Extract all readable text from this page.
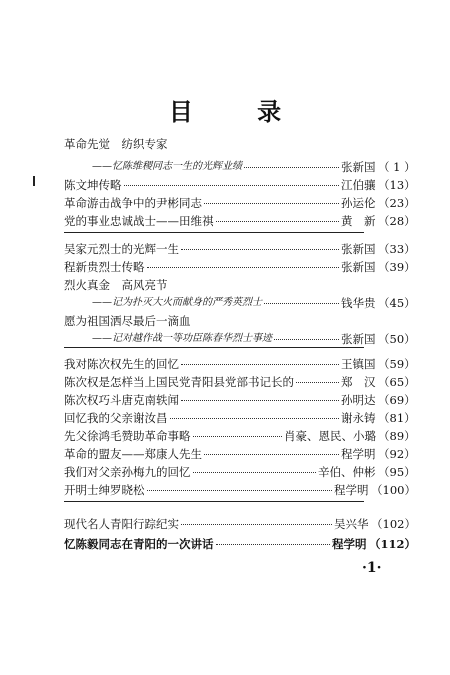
目 录
革命先觉　纺织专家
——忆陈维稷同志一生的光辉业绩	张新国 （ 1 ）
陈文坤传略	江伯骧 （13）
革命游击战争中的尹彬同志	孙运伦 （23）
党的事业忠诚战士——田维祺	黄　新 （28）
吴家元烈士的光辉一生	张新国 （33）
程新贵烈士传略	张新国 （39）
烈火真金　高风亮节
——记为扑灭大火而献身的严秀英烈士	钱华贵 （45）
愿为祖国洒尽最后一滴血
——记对越作战一等功臣陈春华烈士事迹	张新国 （50）
我对陈次权先生的回忆	王镇国 （59）
陈次权是怎样当上国民党青阳县党部书记长的	郑　汉 （65）
陈次权巧斗唐克南轶闻	孙明达 （69）
回忆我的父亲谢汝昌	谢永铸 （81）
先父徐鸿毛赞助革命事略	肖豪、恩民、小璐 （89）
革命的盟友——郑康人先生	程学明 （92）
我们对父亲孙梅九的回忆	辛伯、仲彬 （95）
开明士绅罗晓松	程学明 （100）
现代名人青阳行踪纪实	吴兴华 （102）
忆陈毅同志在青阳的一次讲话	程学明 （112）
·1·
